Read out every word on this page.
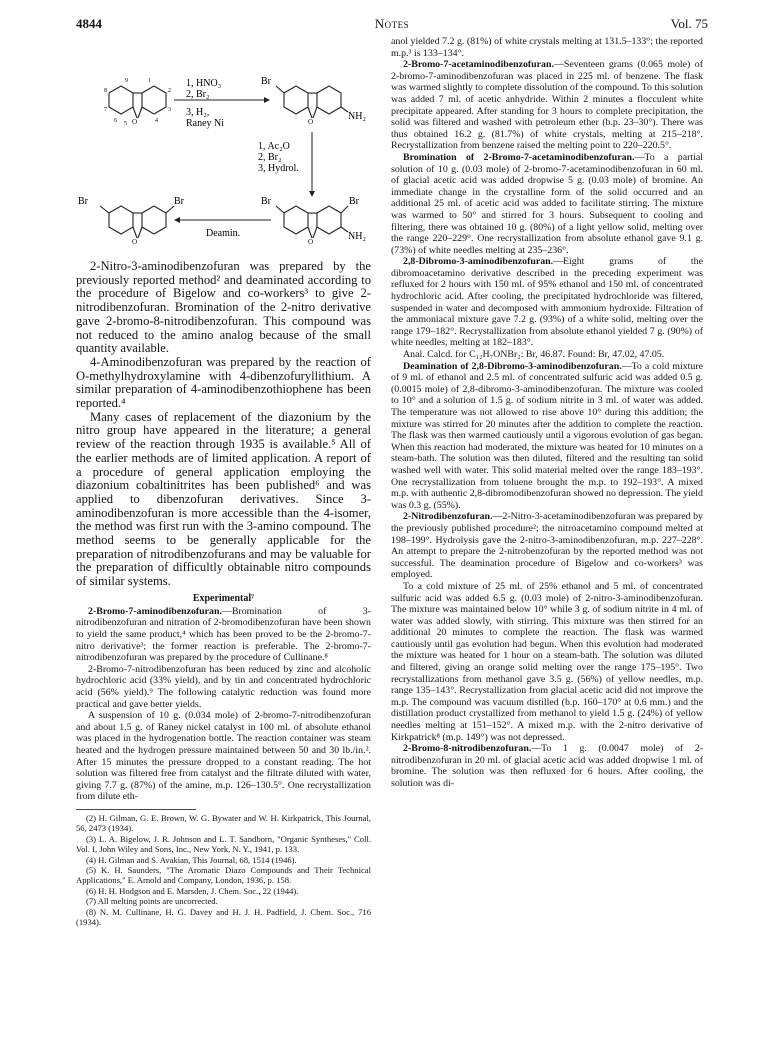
4844	Notes	Vol. 75
O
9	1
8	2
7	3
6 5	4
1, HNO₃
2, Br₂
3, H₂,
Raney Ni
Br
O	NH₂
1, Ac₂O
2, Br₂
3, Hydrol.
Br	Br
O	NH₂
Deamin.
Br	Br
O

2-Nitro-3-aminodibenzofuran was prepared by the previously reported method² and deaminated according to the procedure of Bigelow and co-workers³ to give 2-nitrodibenzofuran. Bromination of the 2-nitro derivative gave 2-bromo-8-nitrodibenzofuran. This compound was not reduced to the amino analog because of the small quantity available.

4-Aminodibenzofuran was prepared by the reaction of O-methylhydroxylamine with 4-dibenzofuryllithium. A similar preparation of 4-aminodibenzothiophene has been reported.⁴

Many cases of replacement of the diazonium by the nitro group have appeared in the literature; a general review of the reaction through 1935 is available.⁵ All of the earlier methods are of limited application. A report of a procedure of general application employing the diazonium cobaltinitrites has been published⁶ and was applied to dibenzofuran derivatives. Since 3-aminodibenzofuran is more accessible than the 4-isomer, the method was first run with the 3-amino compound. The method seems to be generally applicable for the preparation of nitrodibenzofurans and may be valuable for the preparation of difficultly obtainable nitro compounds of similar systems.

Experimental⁷

2-Bromo-7-aminodibenzofuran.—Bromination of 3-nitrodibenzofuran and nitration of 2-bromodibenzofuran have been shown to yield the same product,⁴ which has been proved to be the 2-bromo-7-nitro derivative³; the former reaction is preferable. The 2-bromo-7-nitrodibenzofuran was prepared by the procedure of Cullinane.⁸

2-Bromo-7-nitrodibenzofuran has been reduced by zinc and alcoholic hydrochloric acid (33% yield), and by tin and concentrated hydrochloric acid (56% yield).⁹ The following catalytic reduction was found more practical and gave better yields.

A suspension of 10 g. (0.034 mole) of 2-bromo-7-nitrodibenzofuran and about 1.5 g. of Raney nickel catalyst in 100 ml. of absolute ethanol was placed in the hydrogenation bottle. The reaction container was steam heated and the hydrogen pressure maintained between 50 and 30 lb./in.². After 15 minutes the pressure dropped to a constant reading. The hot solution was filtered free from catalyst and the filtrate diluted with water, giving 7.7 g. (87%) of the amine, m.p. 126–130.5°. One recrystallization from dilute eth-

(2) H. Gilman, G. E. Brown, W. G. Bywater and W. H. Kirkpatrick, This Journal, 56, 2473 (1934).

(3) L. A. Bigelow, J. R. Johnson and L. T. Sandborn, "Organic Syntheses," Coll. Vol. I, John Wiley and Sons, Inc., New York, N. Y., 1941, p. 133.

(4) H. Gilman and S. Avakian, This Journal, 68, 1514 (1946).

(5) K. H. Saunders, "The Aromatic Diazo Compounds and Their Technical Applications," E. Arnold and Company, London, 1936, p. 158.

(6) H. H. Hodgson and E. Marsden, J. Chem. Soc., 22 (1944).

(7) All melting points are uncorrected.

(8) N. M. Cullinane, H. G. Davey and H. J. H. Padfield, J. Chem. Soc., 716 (1934).

anol yielded 7.2 g. (81%) of white crystals melting at 131.5–133°; the reported m.p.³ is 133–134°.

2-Bromo-7-acetaminodibenzofuran.—Seventeen grams (0.065 mole) of 2-bromo-7-aminodibenzofuran was placed in 225 ml. of benzene. The flask was warmed slightly to complete dissolution of the compound. To this solution was added 7 ml. of acetic anhydride. Within 2 minutes a flocculent white precipitate appeared. After standing for 3 hours to complete precipitation, the solid was filtered and washed with petroleum ether (b.p. 23–30°). There was thus obtained 16.2 g. (81.7%) of white crystals, melting at 215–218°. Recrystallization from benzene raised the melting point to 220–220.5°.

Bromination of 2-Bromo-7-acetaminodibenzofuran.—To a partial solution of 10 g. (0.03 mole) of 2-bromo-7-acetaminodibenzofuran in 60 ml. of glacial acetic acid was added dropwise 5 g. (0.03 mole) of bromine. An immediate change in the crystalline form of the solid occurred and an additional 25 ml. of acetic acid was added to facilitate stirring. The mixture was warmed to 50° and stirred for 3 hours. Subsequent to cooling and filtering, there was obtained 10 g. (80%) of a light yellow solid, melting over the range 220–229°. One recrystallization from absolute ethanol gave 9.1 g. (73%) of white needles melting at 235–236°.

2,8-Dibromo-3-aminodibenzofuran.—Eight grams of the dibromoacetamino derivative described in the preceding experiment was refluxed for 2 hours with 150 ml. of 95% ethanol and 150 ml. of concentrated hydrochloric acid. After cooling, the precipitated hydrochloride was filtered, suspended in water and decomposed with ammonium hydroxide. Filtration of the ammoniacal mixture gave 7.2 g. (93%) of a white solid, melting over the range 179–182°. Recrystallization from absolute ethanol yielded 7 g. (90%) of white needles, melting at 182–183°.

Anal. Calcd. for C₁₂H₇ONBr₂: Br, 46.87. Found: Br, 47.02, 47.05.

Deamination of 2,8-Dibromo-3-aminodibenzofuran.—To a cold mixture of 9 ml. of ethanol and 2.5 ml. of concentrated sulfuric acid was added 0.5 g. (0.0015 mole) of 2,8-dibromo-3-aminodibenzofuran. The mixture was cooled to 10° and a solution of 1.5 g. of sodium nitrite in 3 ml. of water was added. The temperature was not allowed to rise above 10° during this addition; the mixture was stirred for 20 minutes after the addition to complete the reaction. The flask was then warmed cautiously until a vigorous evolution of gas began. When this reaction had moderated, the mixture was heated for 10 minutes on a steam-bath. The solution was then diluted, filtered and the resulting tan solid washed well with water. This solid material melted over the range 183–193°. One recrystallization from toluene brought the m.p. to 192–193°. A mixed m.p. with authentic 2,8-dibromodibenzofuran showed no depression. The yield was 0.3 g. (55%).

2-Nitrodibenzofuran.—2-Nitro-3-acetaminodibenzofuran was prepared by the previously published procedure²; the nitroacetamino compound melted at 198–199°. Hydrolysis gave the 2-nitro-3-aminodibenzofuran, m.p. 227–228°. An attempt to prepare the 2-nitrobenzofuran by the reported method was not successful. The deamination procedure of Bigelow and co-workers³ was employed.

To a cold mixture of 25 ml. of 25% ethanol and 5 ml. of concentrated sulfuric acid was added 6.5 g. (0.03 mole) of 2-nitro-3-aminodibenzofuran. The mixture was maintained below 10° while 3 g. of sodium nitrite in 4 ml. of water was added slowly, with stirring. This mixture was then stirred for an additional 20 minutes to complete the reaction. The flask was warmed cautiously until gas evolution had begun. When this evolution had moderated the mixture was heated for 1 hour on a steam-bath. The solution was diluted and filtered, giving an orange solid melting over the range 175–195°. Two recrystallizations from methanol gave 3.5 g. (56%) of yellow needles, m.p. range 135–143°. Recrystallization from glacial acetic acid did not improve the m.p. The compound was vacuum distilled (b.p. 160–170° at 0.6 mm.) and the distillation product crystallized from methanol to yield 1.5 g. (24%) of yellow needles melting at 151–152°. A mixed m.p. with the 2-nitro derivative of Kirkpatrick⁸ (m.p. 149°) was not depressed.

2-Bromo-8-nitrodibenzofuran.—To 1 g. (0.0047 mole) of 2-nitrodibenzofuran in 20 ml. of glacial acetic acid was added dropwise 1 ml. of bromine. The solution was then refluxed for 6 hours. After cooling, the solution was di-
